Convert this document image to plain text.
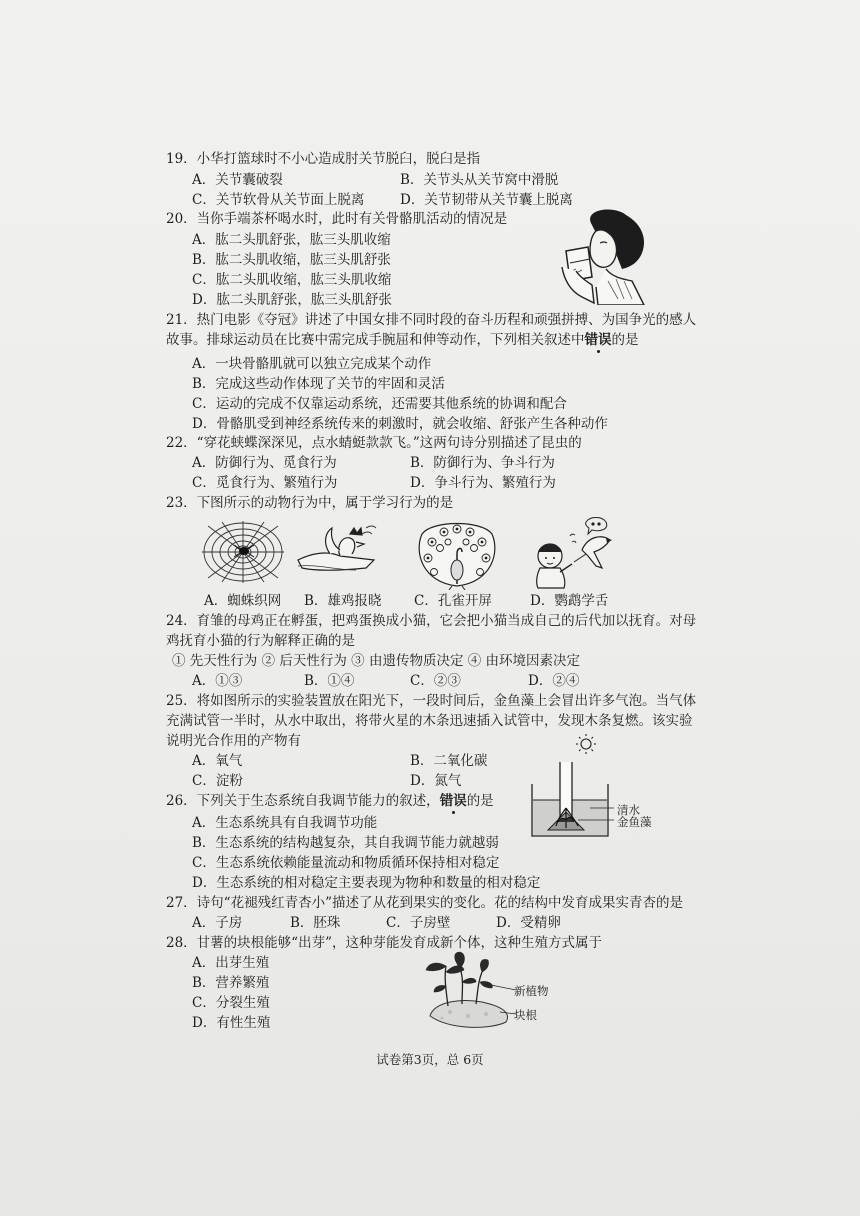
19．小华打篮球时不小心造成肘关节脱臼，脱臼是指
A．关节囊破裂	B．关节头从关节窝中滑脱
C．关节软骨从关节面上脱离	D．关节韧带从关节囊上脱离
20．当你手端茶杯喝水时，此时有关骨骼肌活动的情况是
A．肱二头肌舒张，肱三头肌收缩
B．肱二头肌收缩，肱三头肌舒张
C．肱二头肌收缩，肱三头肌收缩
D．肱二头肌舒张，肱三头肌舒张
21．热门电影《夺冠》讲述了中国女排不同时段的奋斗历程和顽强拼搏、为国争光的感人
故事。排球运动员在比赛中需完成手腕屈和伸等动作，下列相关叙述中错误的是
A．一块骨骼肌就可以独立完成某个动作
B．完成这些动作体现了关节的牢固和灵活
C．运动的完成不仅靠运动系统，还需要其他系统的协调和配合
D．骨骼肌受到神经系统传来的刺激时，就会收缩、舒张产生各种动作
22．“穿花蛱蝶深深见，点水蜻蜓款款飞。”这两句诗分别描述了昆虫的
A．防御行为、觅食行为	B．防御行为、争斗行为
C．觅食行为、繁殖行为	D．争斗行为、繁殖行为
23．下图所示的动物行为中，属于学习行为的是
A．蜘蛛织网 B．雄鸡报晓 C．孔雀开屏	D．鹦鹉学舌
24．育雏的母鸡正在孵蛋，把鸡蛋换成小猫，它会把小猫当成自己的后代加以抚育。对母
鸡抚育小猫的行为解释正确的是
① 先天性行为 ② 后天性行为 ③ 由遗传物质决定 ④ 由环境因素决定
A．①③	B．①④	C．②③	D．②④
25．将如图所示的实验装置放在阳光下，一段时间后，金鱼藻上会冒出许多气泡。当气体
充满试管一半时，从水中取出，将带火星的木条迅速插入试管中，发现木条复燃。该实验
说明光合作用的产物有
A．氧气	B．二氧化碳
C．淀粉	D．氮气
清水
金鱼藻
26．下列关于生态系统自我调节能力的叙述，错误的是
A．生态系统具有自我调节功能
B．生态系统的结构越复杂，其自我调节能力就越弱
C．生态系统依赖能量流动和物质循环保持相对稳定
D．生态系统的相对稳定主要表现为物种和数量的相对稳定
27．诗句“花褪残红青杏小”描述了从花到果实的变化。花的结构中发育成果实青杏的是
A．子房	B．胚珠	C．子房壁	D．受精卵
28．甘薯的块根能够“出芽”，这种芽能发育成新个体，这种生殖方式属于
A．出芽生殖
B．营养繁殖
C．分裂生殖
D．有性生殖
新植物
块根
试卷第3页，总 6页
